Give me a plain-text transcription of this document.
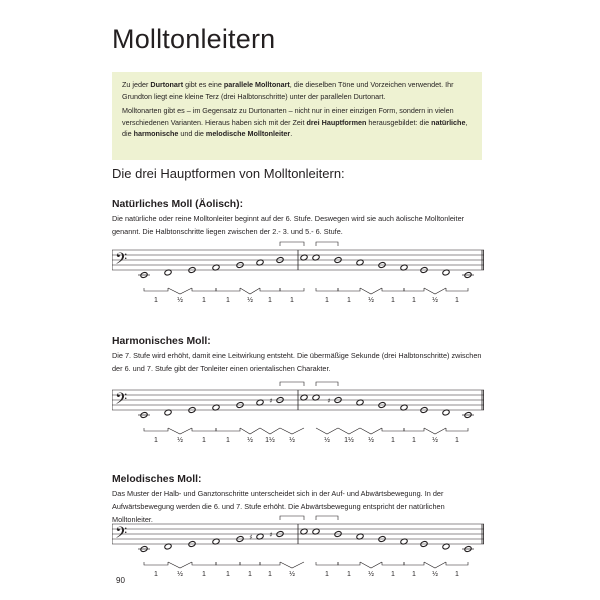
Molltonleitern

Zu jeder Durtonart gibt es eine parallele Molltonart, die dieselben Töne und Vorzeichen verwendet. Ihr Grundton liegt eine kleine Terz (drei Halbtonschritte) unter der parallelen Durtonart.

Molltonarten gibt es – im Gegensatz zu Durtonarten – nicht nur in einer einzigen Form, sondern in vielen verschiedenen Varianten. Hieraus haben sich mit der Zeit drei Hauptformen herausgebildet: die natürliche, die harmonische und die melodische Molltonleiter.

Die drei Hauptformen von Molltonleitern:
Natürliches Moll (Äolisch):

Die natürliche oder reine Molltonleiter beginnt auf der 6. Stufe. Deswegen wird sie auch äolische Molltonleiter genannt. Die Halbtonschritte liegen zwischen der 2.- 3. und 5.- 6. Stufe.

𝄢
1	½	1	1 ½ 1	1	1	1 ½ 1 1 ½ 1
Harmonisches Moll:

Die 7. Stufe wird erhöht, damit eine Leitwirkung entsteht. Die übermäßige Sekunde (drei Halbtonschritte) zwischen der 6. und 7. Stufe gibt der Tonleiter einen orientalischen Charakter.

𝄢	♯	♯
1	½	1	1 ½ 1½ ½	½ 1½ ½ 1 1 ½ 1
Melodisches Moll:

Das Muster der Halb- und Ganztonschritte unterscheidet sich in der Auf- und Abwärtsbewegung. In der Aufwärtsbewegung werden die 6. und 7. Stufe erhöht. Die Abwärtsbewegung entspricht der natürlichen Molltonleiter.

𝄢	♯ ♯
1	½	1	1	1 1 ½	1	1 ½ 1 1 ½ 1
90
